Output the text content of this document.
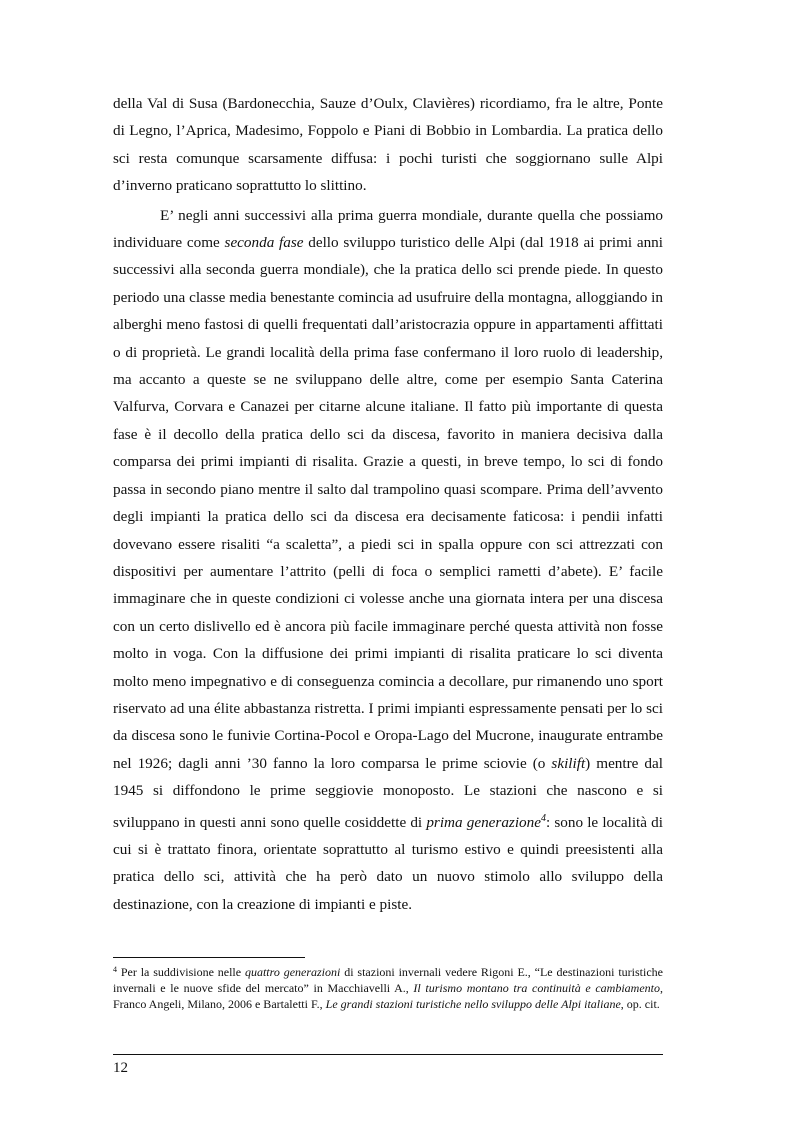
della Val di Susa (Bardonecchia, Sauze d’Oulx, Clavières) ricordiamo, fra le altre, Ponte di Legno, l’Aprica, Madesimo, Foppolo e Piani di Bobbio in Lombardia. La pratica dello sci resta comunque scarsamente diffusa: i pochi turisti che soggiornano sulle Alpi d’inverno praticano soprattutto lo slittino.

E’ negli anni successivi alla prima guerra mondiale, durante quella che possiamo individuare come seconda fase dello sviluppo turistico delle Alpi (dal 1918 ai primi anni successivi alla seconda guerra mondiale), che la pratica dello sci prende piede. In questo periodo una classe media benestante comincia ad usufruire della montagna, alloggiando in alberghi meno fastosi di quelli frequentati dall’aristocrazia oppure in appartamenti affittati o di proprietà. Le grandi località della prima fase confermano il loro ruolo di leadership, ma accanto a queste se ne sviluppano delle altre, come per esempio Santa Caterina Valfurva, Corvara e Canazei per citarne alcune italiane. Il fatto più importante di questa fase è il decollo della pratica dello sci da discesa, favorito in maniera decisiva dalla comparsa dei primi impianti di risalita. Grazie a questi, in breve tempo, lo sci di fondo passa in secondo piano mentre il salto dal trampolino quasi scompare. Prima dell’avvento degli impianti la pratica dello sci da discesa era decisamente faticosa: i pendii infatti dovevano essere risaliti “a scaletta”, a piedi sci in spalla oppure con sci attrezzati con dispositivi per aumentare l’attrito (pelli di foca o semplici rametti d’abete). E’ facile immaginare che in queste condizioni ci volesse anche una giornata intera per una discesa con un certo dislivello ed è ancora più facile immaginare perché questa attività non fosse molto in voga. Con la diffusione dei primi impianti di risalita praticare lo sci diventa molto meno impegnativo e di conseguenza comincia a decollare, pur rimanendo uno sport riservato ad una élite abbastanza ristretta. I primi impianti espressamente pensati per lo sci da discesa sono le funivie Cortina-Pocol e Oropa-Lago del Mucrone, inaugurate entrambe nel 1926; dagli anni ’30 fanno la loro comparsa le prime sciovie (o skilift) mentre dal 1945 si diffondono le prime seggiovie monoposto. Le stazioni che nascono e si sviluppano in questi anni sono quelle cosiddette di prima generazione$^4$: sono le località di cui si è trattato finora, orientate soprattutto al turismo estivo e quindi preesistenti alla pratica dello sci, attività che ha però dato un nuovo stimolo allo sviluppo della destinazione, con la creazione di impianti e piste.

$^4$ Per la suddivisione nelle quattro generazioni di stazioni invernali vedere Rigoni E., “Le destinazioni turistiche invernali e le nuove sfide del mercato” in Macchiavelli A., Il turismo montano tra continuità e cambiamento, Franco Angeli, Milano, 2006 e Bartaletti F., Le grandi stazioni turistiche nello sviluppo delle Alpi italiane, op. cit.

12
